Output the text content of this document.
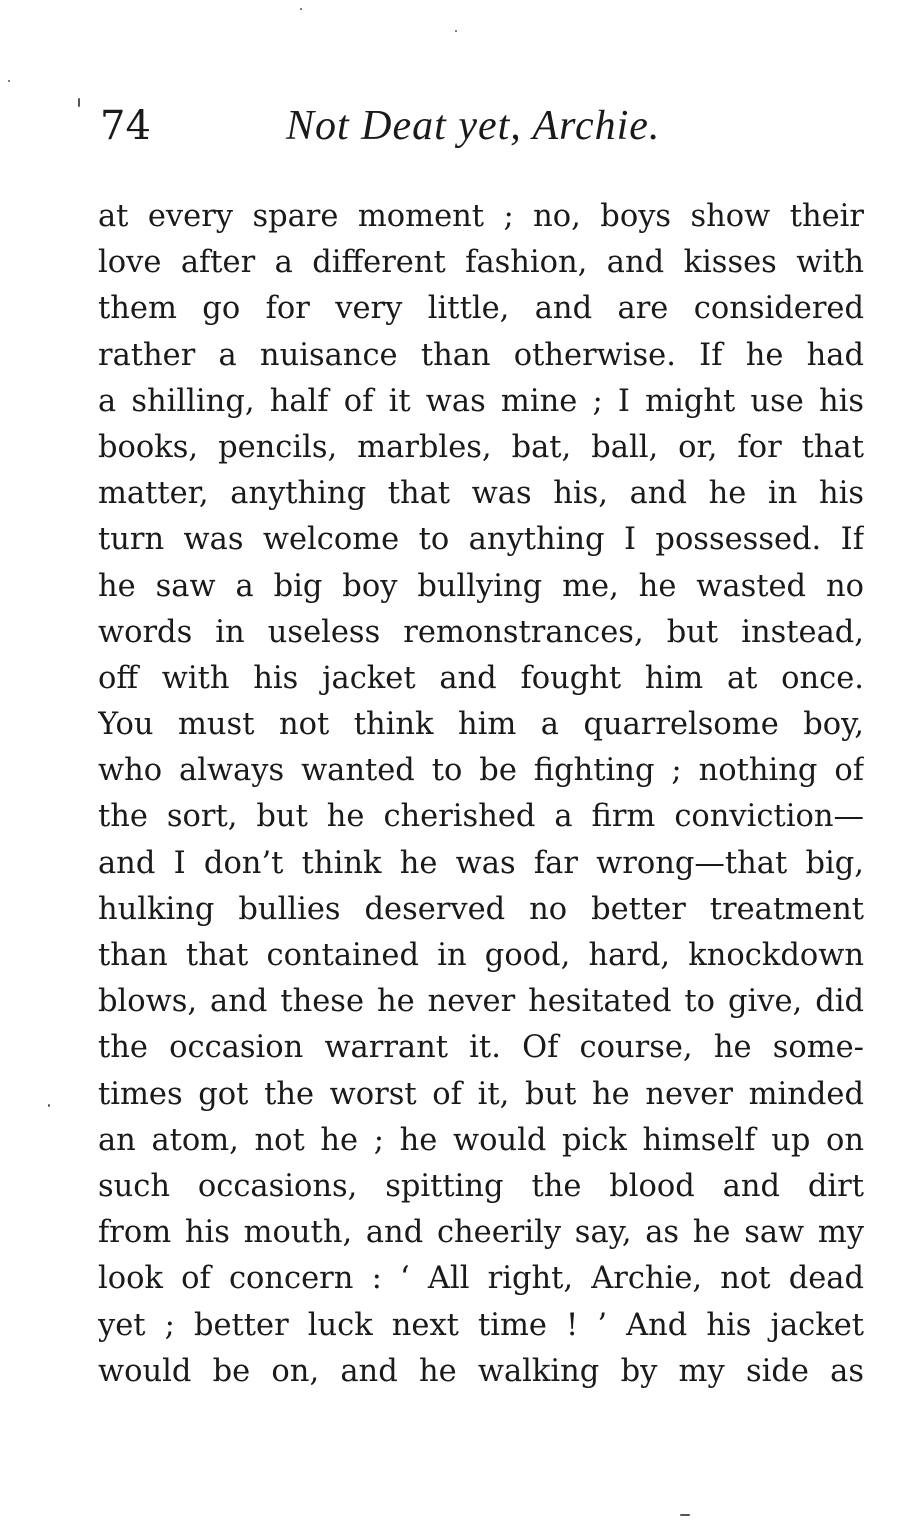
74	Not Deat yet, Archie.
at every spare moment ; no, boys show their
love after a different fashion, and kisses with
them go for very little, and are considered
rather a nuisance than otherwise. If he had
a shilling, half of it was mine ; I might use his
books, pencils, marbles, bat, ball, or, for that
matter, anything that was his, and he in his
turn was welcome to anything I possessed. If
he saw a big boy bullying me, he wasted no
words in useless remonstrances, but instead,
off with his jacket and fought him at once.
You must not think him a quarrelsome boy,
who always wanted to be fighting ; nothing of
the sort, but he cherished a firm conviction—
and I don’t think he was far wrong—that big,
hulking bullies deserved no better treatment
than that contained in good, hard, knockdown
blows, and these he never hesitated to give, did
the occasion warrant it. Of course, he some-
times got the worst of it, but he never minded
an atom, not he ; he would pick himself up on
such occasions, spitting the blood and dirt
from his mouth, and cheerily say, as he saw my
look of concern : ‘ All right, Archie, not dead
yet ; better luck next time ! ’ And his jacket
would be on, and he walking by my side as
